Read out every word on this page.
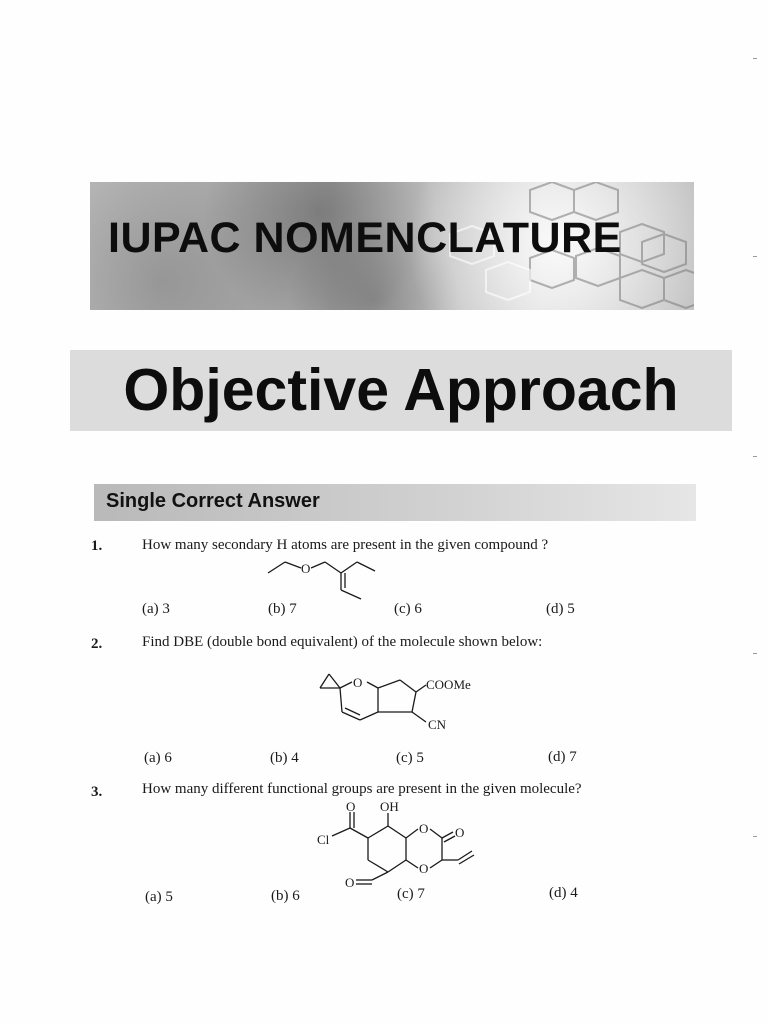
IUPAC NOMENCLATURE
Objective Approach
Single Correct Answer
1.	How many secondary H atoms are present in the given compound ?
O
(a) 3	(b) 7	(c) 6	(d) 5
2.	Find DBE (double bond equivalent) of the molecule shown below:
O	COOMe
CN
(a) 6	(b) 4	(c) 5	(d) 7
3.	How many different functional groups are present in the given molecule?
O OH
Cl
O O
O
O
(a) 5	(b) 6	(c) 7	(d) 4
